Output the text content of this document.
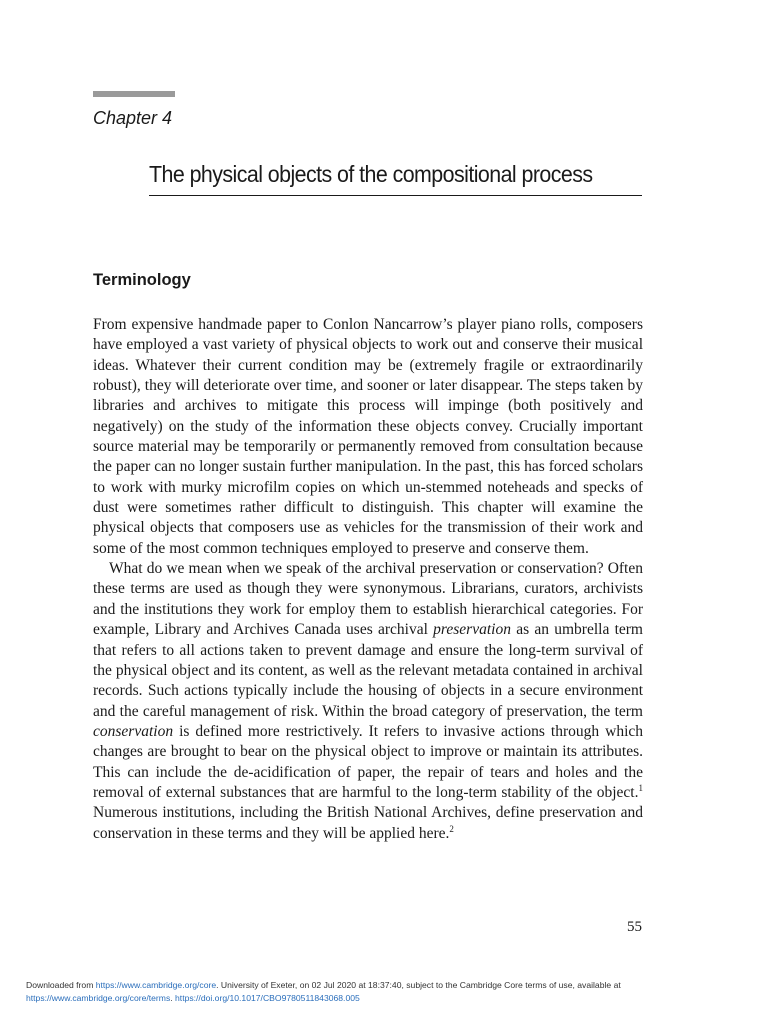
Chapter 4
The physical objects of the compositional process
Terminology

From expensive handmade paper to Conlon Nancarrow’s player piano rolls, composers have employed a vast variety of physical objects to work out and conserve their musical ideas. Whatever their current condition may be (extremely fragile or extraordinarily robust), they will deteriorate over time, and sooner or later disappear. The steps taken by libraries and archives to mitigate this process will impinge (both positively and negatively) on the study of the information these objects convey. Crucially important source material may be temporarily or permanently removed from consultation because the paper can no longer sustain further manipulation. In the past, this has forced scholars to work with murky microfilm copies on which un-stemmed noteheads and specks of dust were sometimes rather difficult to distinguish. This chapter will examine the physical objects that composers use as vehicles for the transmission of their work and some of the most common techniques employed to preserve and conserve them.

What do we mean when we speak of the archival preservation or conservation? Often these terms are used as though they were synonymous. Librarians, curators, archivists and the institutions they work for employ them to establish hierarchical categories. For example, Library and Archives Canada uses archival preservation as an umbrella term that refers to all actions taken to prevent damage and ensure the long-term survival of the physical object and its content, as well as the relevant metadata contained in archival records. Such actions typically include the housing of objects in a secure environment and the careful management of risk. Within the broad category of preservation, the term conservation is defined more restrictively. It refers to invasive actions through which changes are brought to bear on the physical object to improve or maintain its attributes. This can include the de-acidification of paper, the repair of tears and holes and the removal of external substances that are harmful to the long-term stability of the object.$^1$ Numerous institutions, including the British National Archives, define preservation and conservation in these terms and they will be applied here.$^2$

55
Downloaded from https://www.cambridge.org/core. University of Exeter, on 02 Jul 2020 at 18:37:40, subject to the Cambridge Core terms of use, available at
https://www.cambridge.org/core/terms. https://doi.org/10.1017/CBO9780511843068.005
